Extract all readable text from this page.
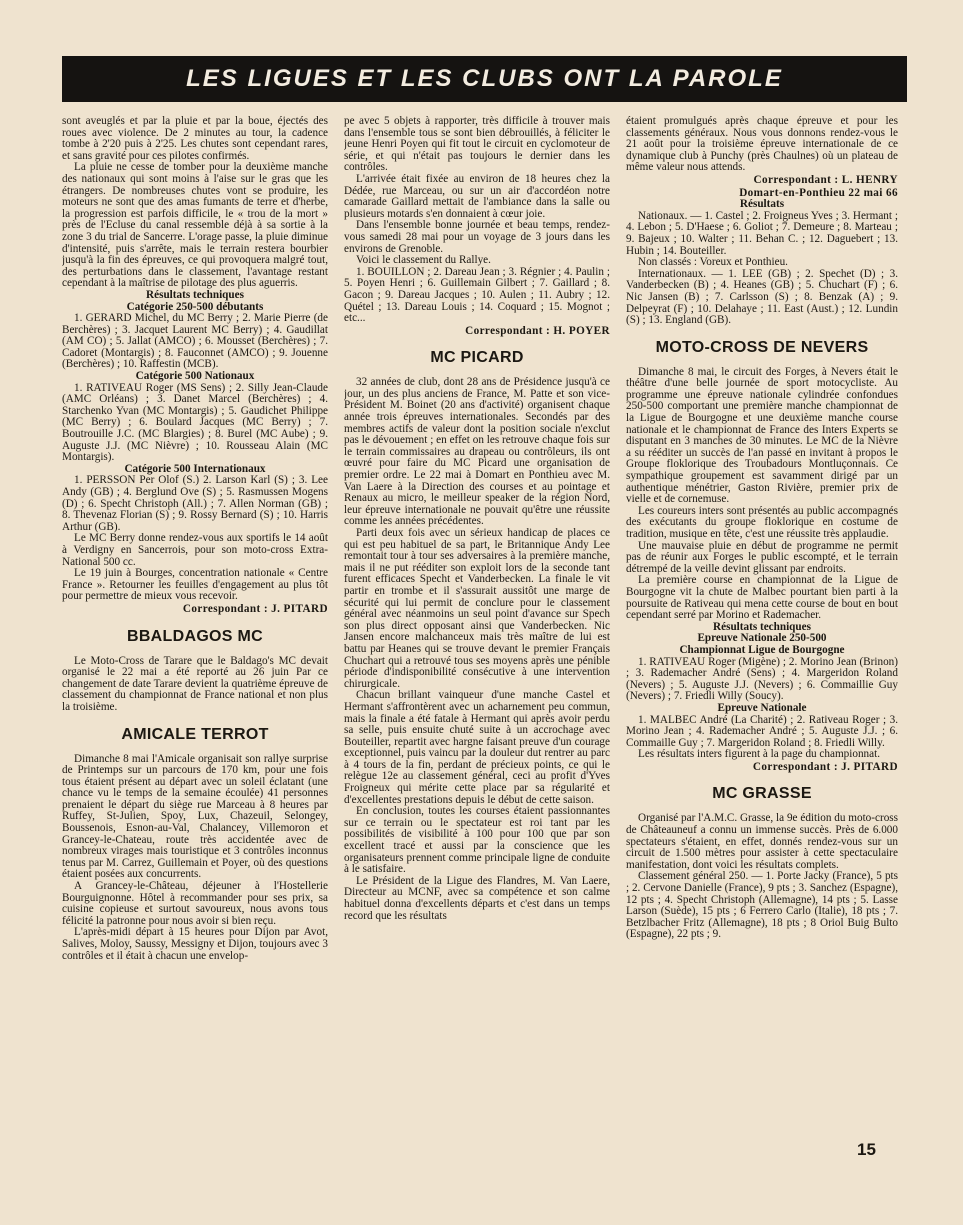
LES LIGUES ET LES CLUBS ONT LA PAROLE

sont aveuglés et par la pluie et par la boue, éjectés des roues avec violence. De 2 minutes au tour, la cadence tombe à 2'20 puis à 2'25. Les chutes sont cependant rares, et sans gravité pour ces pilotes confirmés.

La pluie ne cesse de tomber pour la deuxième manche des nationaux qui sont moins à l'aise sur le gras que les étrangers. De nombreuses chutes vont se produire, les moteurs ne sont que des amas fumants de terre et d'herbe, la progression est parfois difficile, le « trou de la mort » près de l'Ecluse du canal ressemble déjà à sa sortie à la zone 3 du trial de Sancerre. L'orage passe, la pluie diminue d'intensité, puis s'arrête, mais le terrain restera bourbier jusqu'à la fin des épreuves, ce qui provoquera malgré tout, des perturbations dans le classement, l'avantage restant cependant à la maîtrise de pilotage des plus aguerris.

Résultats techniques

Catégorie 250-500 débutants

1. GERARD Michel, du MC Berry ; 2. Marie Pierre (de Berchères) ; 3. Jacquet Laurent MC Berry) ; 4. Gaudillat (AM CO) ; 5. Jallat (AMCO) ; 6. Mousset (Berchères) ; 7. Cadoret (Montargis) ; 8. Fauconnet (AMCO) ; 9. Jouenne (Berchères) ; 10. Raffestin (MCB).

Catégorie 500 Nationaux

1. RATIVEAU Roger (MS Sens) ; 2. Silly Jean-Claude (AMC Orléans) ; 3. Danet Marcel (Berchères) ; 4. Starchenko Yvan (MC Montargis) ; 5. Gaudichet Philippe (MC Berry) ; 6. Boulard Jacques (MC Berry) ; 7. Boutrouille J.C. (MC Blargies) ; 8. Burel (MC Aube) ; 9. Auguste J.J. (MC Nièvre) ; 10. Rousseau Alain (MC Montargis).

Catégorie 500 Internationaux

1. PERSSON Per Olof (S.) 2. Larson Karl (S) ; 3. Lee Andy (GB) ; 4. Berglund Ove (S) ; 5. Rasmussen Mogens (D) ; 6. Specht Christoph (All.) ; 7. Allen Norman (GB) ; 8. Thevenaz Florian (S) ; 9. Rossy Bernard (S) ; 10. Harris Arthur (GB).

Le MC Berry donne rendez-vous aux sportifs le 14 août à Verdigny en Sancerrois, pour son moto-cross Extra-National 500 cc.

Le 19 juin à Bourges, concentration nationale « Centre France ». Retourner les feuilles d'engagement au plus tôt pour permettre de mieux vous recevoir.

Correspondant : J. PITARD

BBALDAGOS MC

Le Moto-Cross de Tarare que le Baldago's MC devait organisé le 22 mai a été reporté au 26 juin Par ce changement de date Tarare devient la quatrième épreuve de classement du championnat de France national et non plus la troisième.

AMICALE TERROT

Dimanche 8 mai l'Amicale organisait son rallye surprise de Printemps sur un parcours de 170 km, pour une fois tous étaient présent au départ avec un soleil éclatant (une chance vu le temps de la semaine écoulée) 41 personnes prenaient le départ du siège rue Marceau à 8 heures par Ruffey, St-Julien, Spoy, Lux, Chazeuil, Selongey, Boussenois, Esnon-au-Val, Chalancey, Villemoron et Grancey-le-Chateau, route très accidentée avec de nombreux virages mais touristique et 3 contrôles inconnus tenus par M. Carrez, Guillemain et Poyer, où des questions étaient posées aux concurrents.

A Grancey-le-Château, déjeuner à l'Hostellerie Bourguignonne. Hôtel à recommander pour ses prix, sa cuisine copieuse et surtout savoureux, nous avons tous félicité la patronne pour nous avoir si bien reçu.

L'après-midi départ à 15 heures pour Dijon par Avot, Salives, Moloy, Saussy, Messigny et Dijon, toujours avec 3 contrôles et il était à chacun une envelop-

pe avec 5 objets à rapporter, très difficile à trouver mais dans l'ensemble tous se sont bien débrouillés, à féliciter le jeune Henri Poyen qui fit tout le circuit en cyclomoteur de série, et qui n'était pas toujours le dernier dans les contrôles.

L'arrivée était fixée au environ de 18 heures chez la Dédée, rue Marceau, ou sur un air d'accordéon notre camarade Gaillard mettait de l'ambiance dans la salle ou plusieurs motards s'en donnaient à cœur joie.

Dans l'ensemble bonne journée et beau temps, rendez-vous samedi 28 mai pour un voyage de 3 jours dans les environs de Grenoble.

Voici le classement du Rallye.

1. BOUILLON ; 2. Dareau Jean ; 3. Régnier ; 4. Paulin ; 5. Poyen Henri ; 6. Guillemain Gilbert ; 7. Gaillard ; 8. Gacon ; 9. Dareau Jacques ; 10. Aulen ; 11. Aubry ; 12. Quétel ; 13. Dareau Louis ; 14. Coquard ; 15. Mognot ; etc...

Correspondant : H. POYER

MC PICARD

32 années de club, dont 28 ans de Présidence jusqu'à ce jour, un des plus anciens de France, M. Patte et son vice-Président M. Boinet (20 ans d'activité) organisent chaque année trois épreuves internationales. Secondés par des membres actifs de valeur dont la position sociale n'exclut pas le dévouement ; en effet on les retrouve chaque fois sur le terrain commissaires au drapeau ou contrôleurs, ils ont œuvré pour faire du MC Picard une organisation de premier ordre. Le 22 mai à Domart en Ponthieu avec M. Van Laere à la Direction des courses et au pointage et Renaux au micro, le meilleur speaker de la région Nord, leur épreuve internationale ne pouvait qu'être une réussite comme les années précédentes.

Parti deux fois avec un sérieux handicap de places ce qui est peu habituel de sa part, le Britannique Andy Lee remontait tour à tour ses adversaires à la première manche, mais il ne put rééditer son exploit lors de la seconde tant furent efficaces Specht et Vanderbecken. La finale le vit partir en trombe et il s'assurait aussitôt une marge de sécurité qui lui permit de conclure pour le classement général avec néanmoins un seul point d'avance sur Spech son plus direct opposant ainsi que Vanderbecken. Nic Jansen encore malchanceux mais très maître de lui est battu par Heanes qui se trouve devant le premier Français Chuchart qui a retrouvé tous ses moyens après une pénible période d'indisponibilité consécutive à une intervention chirurgicale.

Chacun brillant vainqueur d'une manche Castel et Hermant s'affrontèrent avec un acharnement peu commun, mais la finale a été fatale à Hermant qui après avoir perdu sa selle, puis ensuite chuté suite à un accrochage avec Bouteiller, repartit avec hargne faisant preuve d'un courage exceptionnel, puis vaincu par la douleur dut rentrer au parc à 4 tours de la fin, perdant de précieux points, ce qui le relègue 12e au classement général, ceci au profit d'Yves Froigneux qui mérite cette place par sa régularité et d'excellentes prestations depuis le début de cette saison.

En conclusion, toutes les courses étaient passionnantes sur ce terrain ou le spectateur est roi tant par les possibilités de visibilité à 100 pour 100 que par son excellent tracé et aussi par la conscience que les organisateurs prennent comme principale ligne de conduite à le satisfaire.

Le Président de la Ligue des Flandres, M. Van Laere, Directeur au MCNF, avec sa compétence et son calme habituel donna d'excellents départs et c'est dans un temps record que les résultats

étaient promulgués après chaque épreuve et pour les classements généraux. Nous vous donnons rendez-vous le 21 août pour la troisième épreuve internationale de ce dynamique club à Punchy (près Chaulnes) où un plateau de même valeur nous attends.

Correspondant : L. HENRY

Domart-en-Ponthieu 22 mai 66

Résultats

Nationaux. — 1. Castel ; 2. Froigneus Yves ; 3. Hermant ; 4. Lebon ; 5. D'Haese ; 6. Goliot ; 7. Demeure ; 8. Marteau ; 9. Bajeux ; 10. Walter ; 11. Behan C. ; 12. Daguebert ; 13. Hubin ; 14. Bouteiller.

Non classés : Voreux et Ponthieu.

Internationaux. — 1. LEE (GB) ; 2. Spechet (D) ; 3. Vanderbecken (B) ; 4. Heanes (GB) ; 5. Chuchart (F) ; 6. Nic Jansen (B) ; 7. Carlsson (S) ; 8. Benzak (A) ; 9. Delpeyrat (F) ; 10. Delahaye ; 11. East (Aust.) ; 12. Lundin (S) ; 13. England (GB).

MOTO-CROSS DE NEVERS

Dimanche 8 mai, le circuit des Forges, à Nevers était le théâtre d'une belle journée de sport motocycliste. Au programme une épreuve nationale cylindrée confondues 250-500 comportant une première manche championnat de la Ligue de Bourgogne et une deuxième manche course nationale et le championnat de France des Inters Experts se disputant en 3 manches de 30 minutes. Le MC de la Nièvre a su rééditer un succès de l'an passé en invitant à propos le Groupe floklorique des Troubadours Montluçonnais. Ce sympathique groupement est savamment dirigé par un authentique ménétrier, Gaston Rivière, premier prix de vielle et de cornemuse.

Les coureurs inters sont présentés au public accompagnés des exécutants du groupe floklorique en costume de tradition, musique en tête, c'est une réussite très applaudie.

Une mauvaise pluie en début de programme ne permit pas de réunir aux Forges le public escompté, et le terrain détrempé de la veille devint glissant par endroits.

La première course en championnat de la Ligue de Bourgogne vit la chute de Malbec pourtant bien parti à la poursuite de Rativeau qui mena cette course de bout en bout cependant serré par Morino et Rademacher.

Résultats techniques

Epreuve Nationale 250-500

Championnat Ligue de Bourgogne

1. RATIVEAU Roger (Migène) ; 2. Morino Jean (Brinon) ; 3. Rademacher André (Sens) ; 4. Margeridon Roland (Nevers) ; 5. Auguste J.J. (Nevers) ; 6. Commaillie Guy (Nevers) ; 7. Friedli Willy (Soucy).

Epreuve Nationale

1. MALBEC André (La Charité) ; 2. Rativeau Roger ; 3. Morino Jean ; 4. Rademacher André ; 5. Auguste J.J. ; 6. Commaille Guy ; 7. Margeridon Roland ; 8. Friedli Willy.

Les résultats inters figurent à la page du championnat.

Correspondant : J. PITARD

MC GRASSE

Organisé par l'A.M.C. Grasse, la 9e édition du moto-cross de Châteauneuf a connu un immense succès. Près de 6.000 spectateurs s'étaient, en effet, donnés rendez-vous sur un circuit de 1.500 mètres pour assister à cette spectaculaire manifestation, dont voici les résultats complets.

Classement général 250. — 1. Porte Jacky (France), 5 pts ; 2. Cervone Danielle (France), 9 pts ; 3. Sanchez (Espagne), 12 pts ; 4. Specht Christoph (Allemagne), 14 pts ; 5. Lasse Larson (Suède), 15 pts ; 6 Ferrero Carlo (Italie), 18 pts ; 7. Betzlbacher Fritz (Allemagne), 18 pts ; 8 Oriol Buig Bulto (Espagne), 22 pts ; 9.

15
